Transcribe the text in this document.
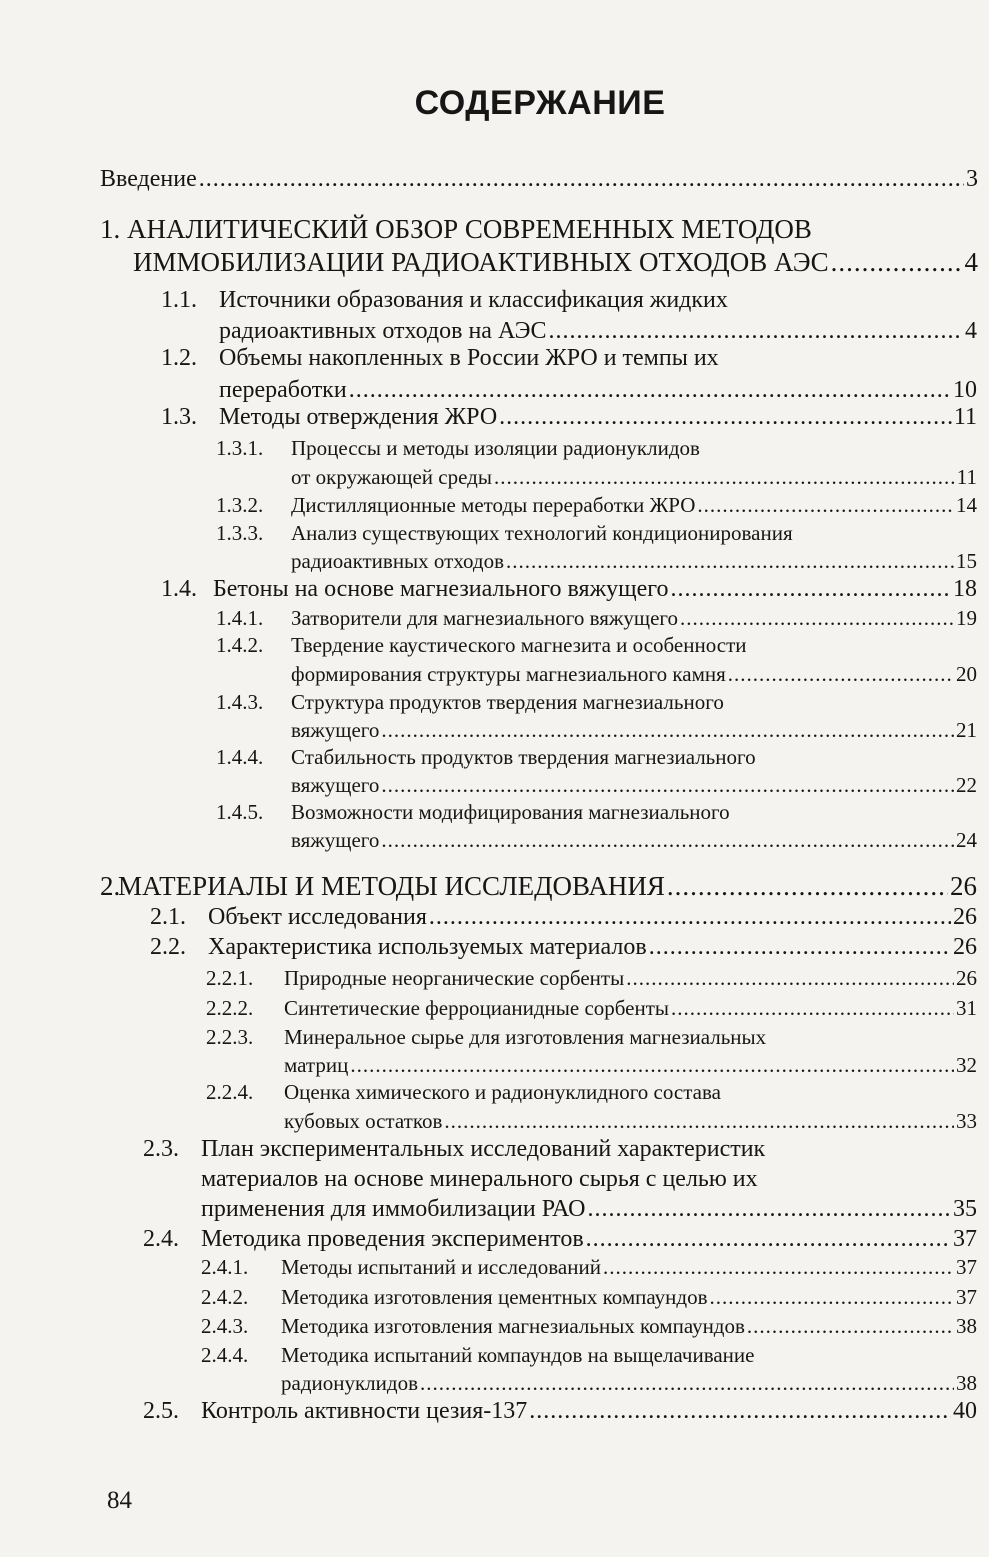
СОДЕРЖАНИЕ
Введение .....	3
1. АНАЛИТИЧЕСКИЙ ОБЗОР СОВРЕМЕННЫХ МЕТОДОВ
ИММОБИЛИЗАЦИИ РАДИОАКТИВНЫХ ОТХОДОВ АЭС .....	4
1.1. Источники образования и классификация жидких
радиоактивных отходов на АЭС .....	4
1.2. Объемы накопленных в России ЖРО и темпы их
переработки .....	10
1.3. Методы отверждения ЖРО .....	11
1.3.1. Процессы и методы изоляции радионуклидов
от окружающей среды .....	11
1.3.2.	Дистилляционные методы переработки ЖРО .....	14
1.3.3. Анализ существующих технологий кондиционирования
радиоактивных отходов .....	15
1.4. Бетоны на основе магнезиального вяжущего .....	18
1.4.1.	Затворители для магнезиального вяжущего .....	19
1.4.2. Твердение каустического магнезита и особенности
формирования структуры магнезиального камня .....	20
1.4.3. Структура продуктов твердения магнезиального
вяжущего .....	21
1.4.4. Стабильность продуктов твердения магнезиального
вяжущего .....	22
1.4.5. Возможности модифицирования магнезиального
вяжущего .....	24
2.
МАТЕРИАЛЫ И МЕТОДЫ ИССЛЕДОВАНИЯ .....	26
2.1. Объект исследования .....	26
2.2. Характеристика используемых материалов .....	26
2.2.1.	Природные неорганические сорбенты .....	26
2.2.2.	Синтетические ферроцианидные сорбенты .....	31
2.2.3. Минеральное сырье для изготовления магнезиальных
матриц .....	32
2.2.4. Оценка химического и радионуклидного состава
кубовых остатков .....	33
2.3. План экспериментальных исследований характеристик
материалов на основе минерального сырья с целью их
применения для иммобилизации РАО .....	35
2.4. Методика проведения экспериментов .....	37
2.4.1.	Методы испытаний и исследований .....	37
2.4.2.	Методика изготовления цементных компаундов .....	37
2.4.3.	Методика изготовления магнезиальных компаундов .....	38
2.4.4. Методика испытаний компаундов на выщелачивание
радионуклидов .....	38
2.5. Контроль активности цезия-137 .....	40
84
